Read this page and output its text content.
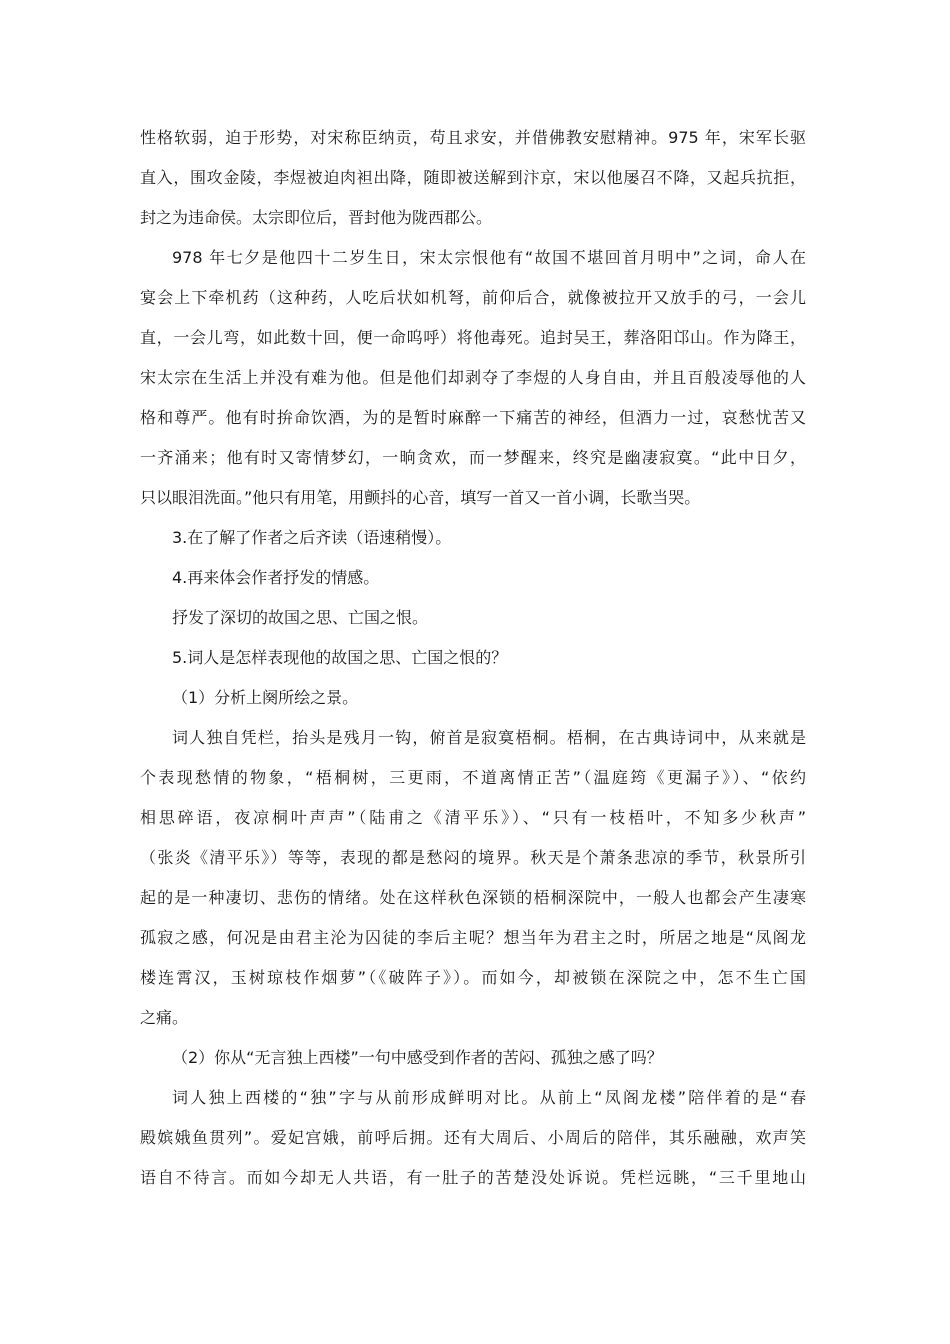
性格软弱，迫于形势，对宋称臣纳贡，苟且求安，并借佛教安慰精神。975 年，宋军长驱
直入，围攻金陵，李煜被迫肉袒出降，随即被送解到汴京，宋以他屡召不降，又起兵抗拒，
封之为违命侯。太宗即位后，晋封他为陇西郡公。
978 年七夕是他四十二岁生日，宋太宗恨他有“故国不堪回首月明中”之词，命人在
宴会上下牵机药（这种药，人吃后状如机弩，前仰后合，就像被拉开又放手的弓，一会儿
直，一会儿弯，如此数十回，便一命呜呼）将他毒死。追封吴王，葬洛阳邙山。作为降王，
宋太宗在生活上并没有难为他。但是他们却剥夺了李煜的人身自由，并且百般凌辱他的人
格和尊严。他有时拚命饮酒，为的是暂时麻醉一下痛苦的神经，但酒力一过，哀愁忧苦又
一齐涌来；他有时又寄情梦幻，一晌贪欢，而一梦醒来，终究是幽凄寂寞。“此中日夕，
只以眼泪洗面。”他只有用笔，用颤抖的心音，填写一首又一首小调，长歌当哭。
3.在了解了作者之后齐读（语速稍慢）。
4.再来体会作者抒发的情感。
抒发了深切的故国之思、亡国之恨。
5.词人是怎样表现他的故国之思、亡国之恨的？
（1）分析上阕所绘之景。
词人独自凭栏，抬头是残月一钩，俯首是寂寞梧桐。梧桐，在古典诗词中，从来就是
个表现愁情的物象，“梧桐树，三更雨，不道离情正苦”（温庭筠《更漏子》）、“依约
相思碎语，夜凉桐叶声声”（陆甫之《清平乐》）、“只有一枝梧叶，不知多少秋声”
（张炎《清平乐》）等等，表现的都是愁闷的境界。秋天是个萧条悲凉的季节，秋景所引
起的是一种凄切、悲伤的情绪。处在这样秋色深锁的梧桐深院中，一般人也都会产生凄寒
孤寂之感，何况是由君主沦为囚徒的李后主呢？想当年为君主之时，所居之地是“凤阁龙
楼连霄汉，玉树琼枝作烟萝”（《破阵子》）。而如今，却被锁在深院之中，怎不生亡国
之痛。
（2）你从“无言独上西楼”一句中感受到作者的苦闷、孤独之感了吗？
词人独上西楼的“独”字与从前形成鲜明对比。从前上“凤阁龙楼”陪伴着的是“春
殿嫔娥鱼贯列”。爱妃宫娥，前呼后拥。还有大周后、小周后的陪伴，其乐融融，欢声笑
语自不待言。而如今却无人共语，有一肚子的苦楚没处诉说。凭栏远眺，“三千里地山
